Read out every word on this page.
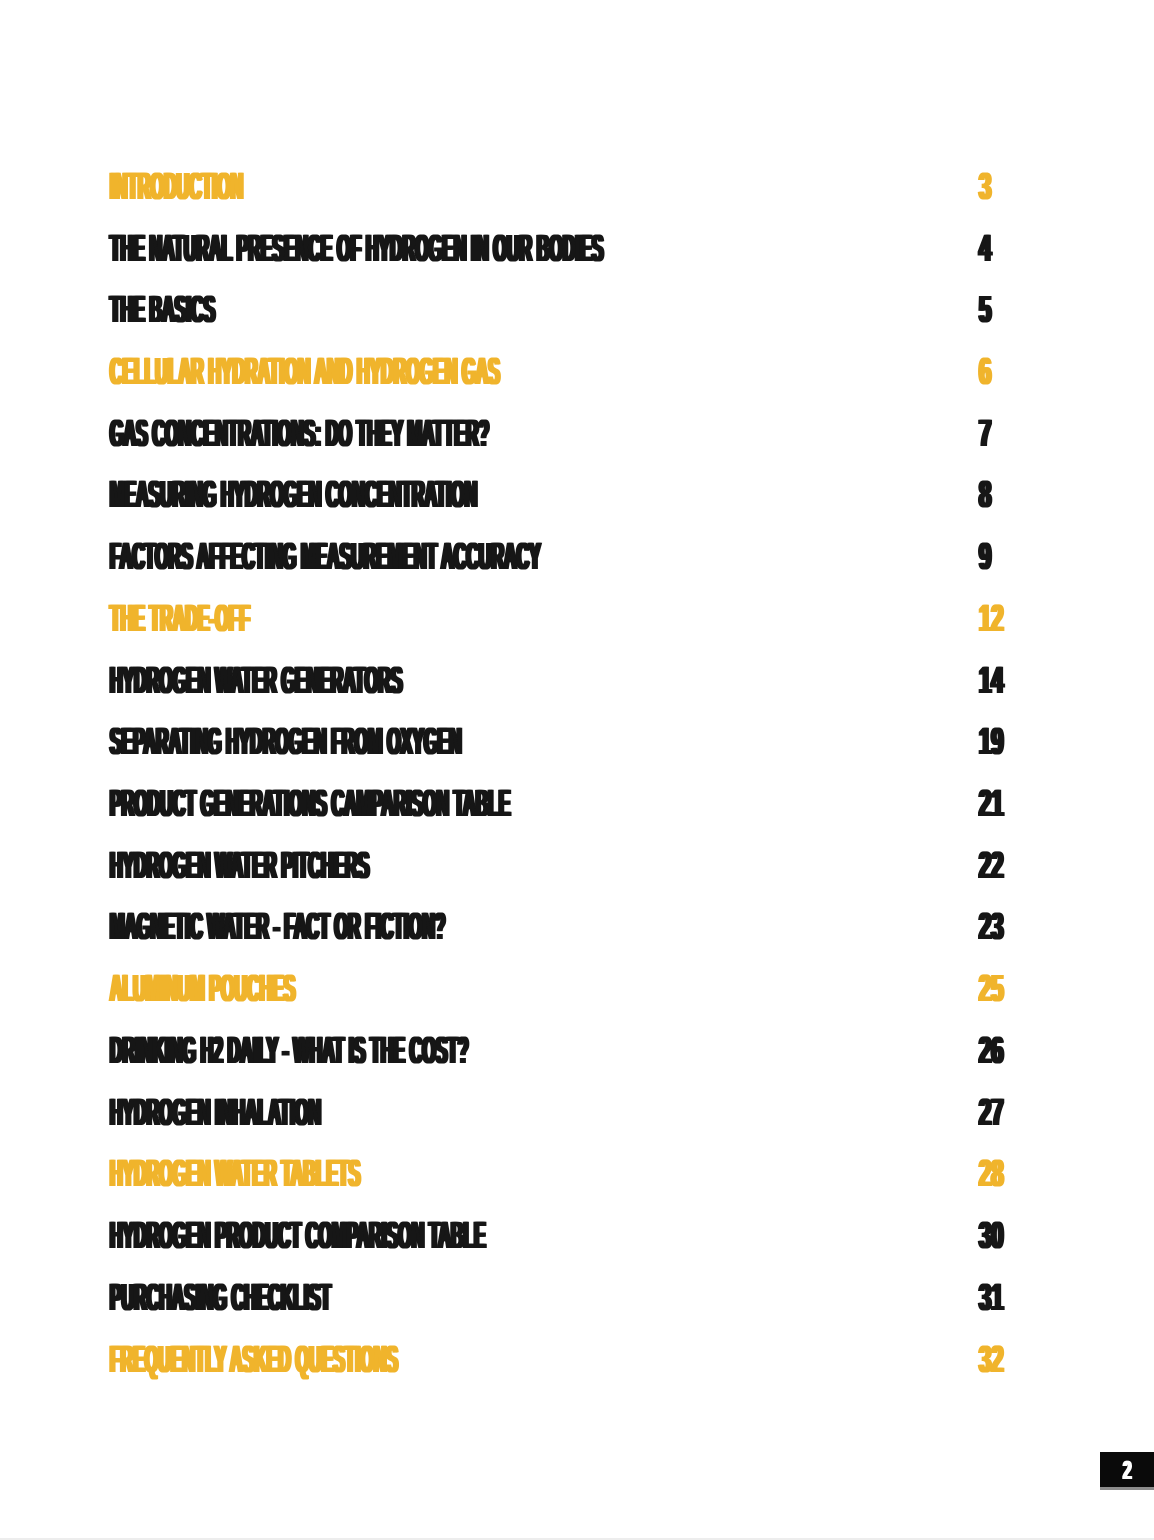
INTRODUCTION	3
THE NATURAL PRESENCE OF HYDROGEN IN OUR BODIES	4
THE BASICS	5
CELLULAR HYDRATION AND HYDROGEN GAS	6
GAS CONCENTRATIONS: DO THEY MATTER?	7
MEASURING HYDROGEN CONCENTRATION	8
FACTORS AFFECTING MEASUREMENT ACCURACY	9
THE TRADE-OFF	12
HYDROGEN WATER GENERATORS	14
SEPARATING HYDROGEN FROM OXYGEN	19
PRODUCT GENERATIONS CAMPARISON TABLE	21
HYDROGEN WATER PITCHERS	22
MAGNETIC WATER - FACT OR FICTION?	23
ALUMINUM POUCHES	25
DRINKING H2 DAILY - WHAT IS THE COST?	26
HYDROGEN INHALATION	27
HYDROGEN WATER TABLETS	28
HYDROGEN PRODUCT COMPARISON TABLE	30
PURCHASING CHECKLIST	31
FREQUENTLY ASKED QUESTIONS	32
2
